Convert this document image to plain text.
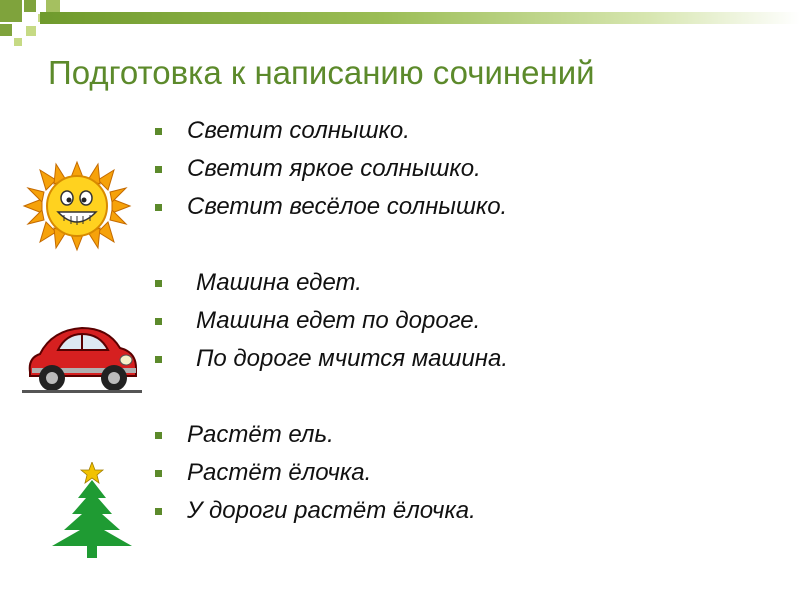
Подготовка к написанию сочинений
Светит солнышко.
Светит яркое солнышко.
Светит весёлое солнышко.
Машина едет.
Машина едет по дороге.
По дороге мчится машина.
Растёт ель.
Растёт ёлочка.
У дороги растёт ёлочка.
